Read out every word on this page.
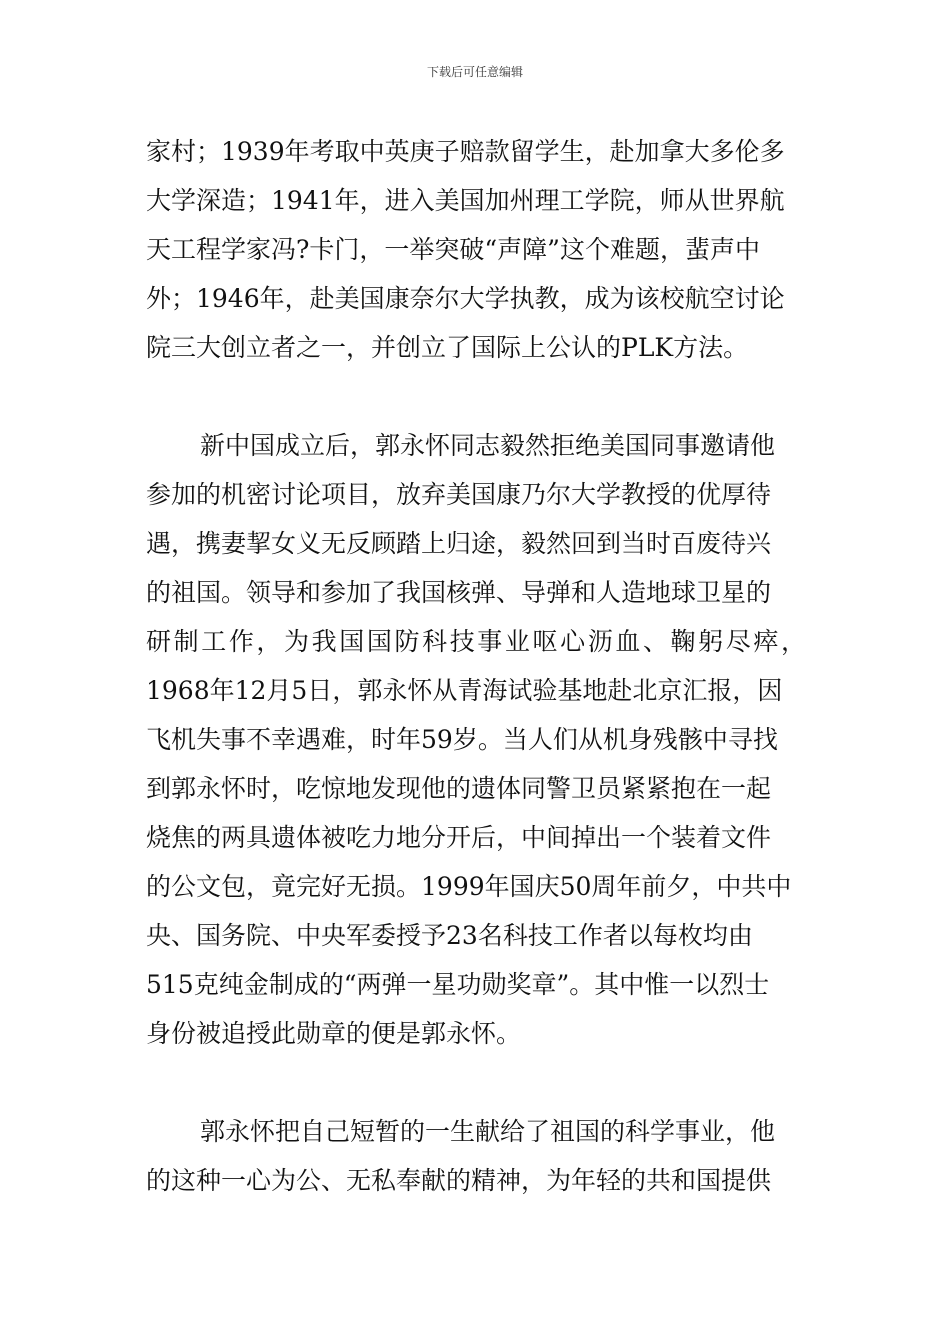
下载后可任意编辑
家村；1939年考取中英庚子赔款留学生，赴加拿大多伦多
大学深造；1941年，进入美国加州理工学院，师从世界航
天工程学家冯?卡门，一举突破“声障”这个难题，蜚声中
外；1946年，赴美国康奈尔大学执教，成为该校航空讨论
院三大创立者之一，并创立了国际上公认的PLK方法。
新中国成立后，郭永怀同志毅然拒绝美国同事邀请他
参加的机密讨论项目，放弃美国康乃尔大学教授的优厚待
遇，携妻挈女义无反顾踏上归途，毅然回到当时百废待兴
的祖国。领导和参加了我国核弹、导弹和人造地球卫星的
研制工作，为我国国防科技事业呕心沥血、鞠躬尽瘁，
1968年12月5日，郭永怀从青海试验基地赴北京汇报，因
飞机失事不幸遇难，时年59岁。当人们从机身残骸中寻找
到郭永怀时，吃惊地发现他的遗体同警卫员紧紧抱在一起
烧焦的两具遗体被吃力地分开后，中间掉出一个装着文件
的公文包，竟完好无损。1999年国庆50周年前夕，中共中
央、国务院、中央军委授予23名科技工作者以每枚均由
515克纯金制成的“两弹一星功勋奖章”。其中惟一以烈士
身份被追授此勋章的便是郭永怀。
郭永怀把自己短暂的一生献给了祖国的科学事业，他
的这种一心为公、无私奉献的精神，为年轻的共和国提供
